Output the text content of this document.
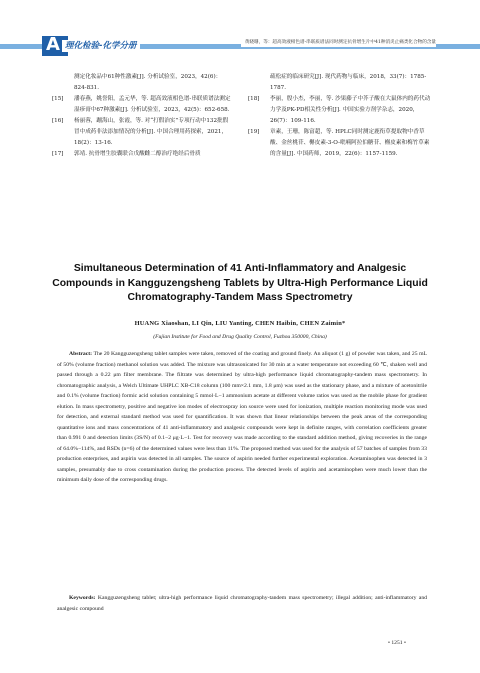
A 理化检验-化学分册	黄晓珊，等：超高效液相色谱-串联质谱法同时测定抗骨增生片中41种消炎止痛类化合物的含量
测定化妆品中61种性激素[J]. 分析试验室，2023，42(6)：824-831.
[15] 潘春燕，姚誉阳，孟元华，等. 超高效液相色谱-串联质谱法测定湿疹膏中67种激素[J]. 分析试验室，2023，42(5)：652-658.
[16] 杨丽蓉，蹦海山，张霞，等. 对“打假治实”专项行动中132批假冒中成药非法添加情况的分析[J]. 中国合理用药探索，2021，18(2)：13-16.
[17] 郭靖. 抗骨增生胶囊联合戊酸雌二醇治疗绝经后骨质
疏松症的临床研究[J]. 现代药物与临床，2018，33(7)：1785-1787.
[18] 李丽，殷小杰，李丽，等. 沙果藤子中芥子酸在大鼠体内的药代动力学及PK-PD相关性分析[J]. 中国实验方剂学杂志，2020，26(7)：109-116.
[19] 章素，王珊，陈富超，等. HPLC同时测定鹿衔草提取物中香草酸、金丝桃苷、槲皮素-3-O-吡喃阿拉伯糖苷、槲皮素和梅竹草素的含量[J]. 中国药师，2019，22(6)：1157-1159.
Simultaneous Determination of 41 Anti-Inflammatory and Analgesic Compounds in Kangguzengsheng Tablets by Ultra-High Performance Liquid Chromatography-Tandem Mass Spectrometry
HUANG Xiaoshan, LI Qin, LIU Yanting, CHEN Haibin, CHEN Zaimin*
(Fujian Institute for Food and Drug Quality Control, Fuzhou 350000, China)
Abstract: The 20 Kangguzengsheng tablet samples were taken, removed of the coating and ground finely. An aliquot (1 g) of powder was taken, and 25 mL of 50% (volume fraction) methanol solution was added. The mixture was ultrasonicated for 30 min at a water temperature not exceeding 60 ℃, shaken well and passed through a 0.22 μm filter membrane. The filtrate was determined by ultra-high performance liquid chromatography-tandem mass spectrometry. In chromatographic analysis, a Welch Ultimate UHPLC XB-C18 column (100 mm×2.1 mm, 1.8 μm) was used as the stationary phase, and a mixture of acetonitrile and 0.1% (volume fraction) formic acid solution containing 5 mmol·L−1 ammonium acetate at different volume ratios was used as the mobile phase for gradient elution. In mass spectrometry, positive and negative ion modes of electrospray ion source were used for ionization, multiple reaction monitoring mode was used for detection, and external standard method was used for quantification. It was shown that linear relationships between the peak areas of the corresponding quantitative ions and mass concentrations of 41 anti-inflammatory and analgesic compounds were kept in definite ranges, with correlation coefficients greater than 0.991 0 and detection limits (3S/N) of 0.1−2 μg·L−1. Test for recovery was made according to the standard addition method, giving recoveries in the range of 64.0%−114%, and RSDs (n=6) of the determined values were less than 11%. The proposed method was used for the analysis of 57 batches of samples from 33 production enterprises, and aspirin was detected in all samples. The source of aspirin needed further experimental exploration. Acetaminophen was detected in 3 samples, presumably due to cross contamination during the production process. The detected levels of aspirin and acetaminophen were much lower than the minimum daily dose of the corresponding drugs.
Keywords: Kangguzengsheng tablet; ultra-high performance liquid chromatography-tandem mass spectrometry; illegal addition; anti-inflammatory and analgesic compound
• 1251 •
